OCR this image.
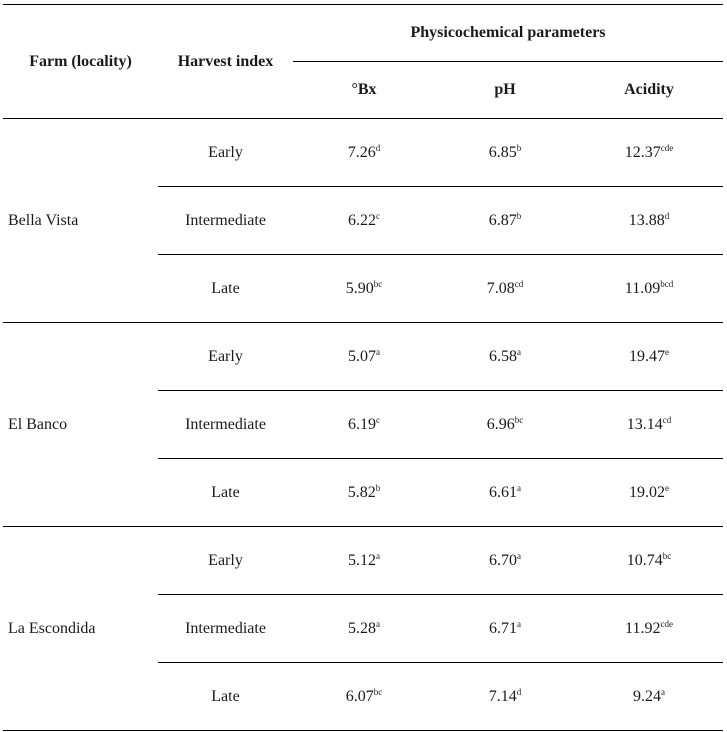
Farm (locality)	Harvest index	Physicochemical parameters		
		°Bx	pH	Acidity
Bella Vista	Early	7.26$^d$	6.85$^b$	12.37$^{cde}$
	Intermediate	6.22$^c$	6.87$^b$	13.88$^d$
	Late	5.90$^{bc}$	7.08$^{cd}$	11.09$^{bcd}$
El Banco	Early	5.07$^a$	6.58$^a$	19.47e
	Intermediate	6.19$^c$	6.96$^{bc}$	13.14$^{cd}$
	Late	5.82$^b$	6.61$^a$	19.02e
La Escondida	Early	5.12$^a$	6.70$^a$	10.74$^{bc}$
	Intermediate	5.28$^a$	6.71$^a$	11.92$^{cde}$
	Late	6.07$^{bc}$	7.14$^d$	9.24$^a$
